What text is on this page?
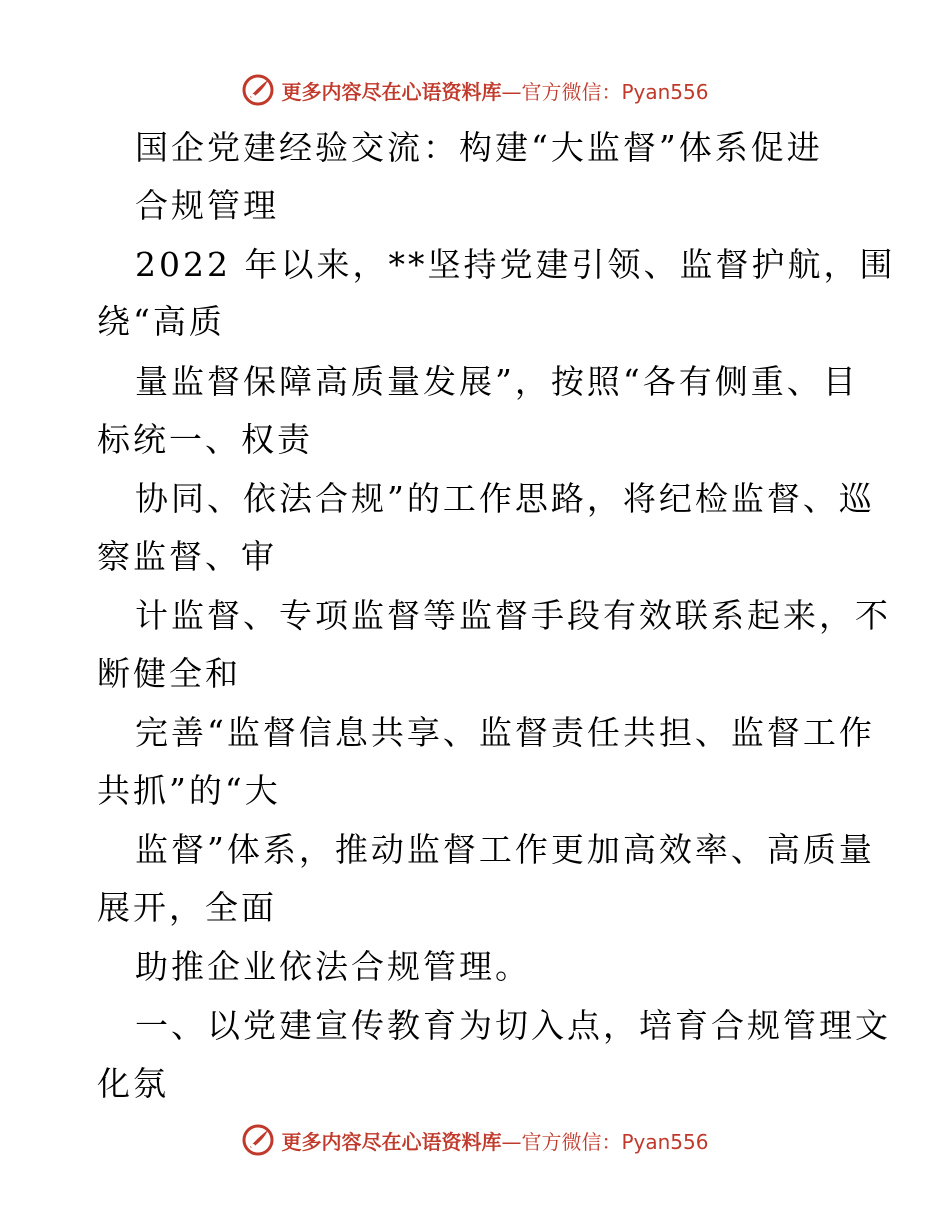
更多内容尽在心语资料库—官方微信：Pyan556
国企党建经验交流：构建“大监督”体系促进
合规管理
2022 年以来，**坚持党建引领、监督护航，围
绕“高质
量监督保障高质量发展”，按照“各有侧重、目
标统一、权责
协同、依法合规”的工作思路，将纪检监督、巡
察监督、审
计监督、专项监督等监督手段有效联系起来，不
断健全和
完善“监督信息共享、监督责任共担、监督工作
共抓”的“大
监督”体系，推动监督工作更加高效率、高质量
展开，全面
助推企业依法合规管理。
一、以党建宣传教育为切入点，培育合规管理文
化氛
更多内容尽在心语资料库—官方微信：Pyan556
